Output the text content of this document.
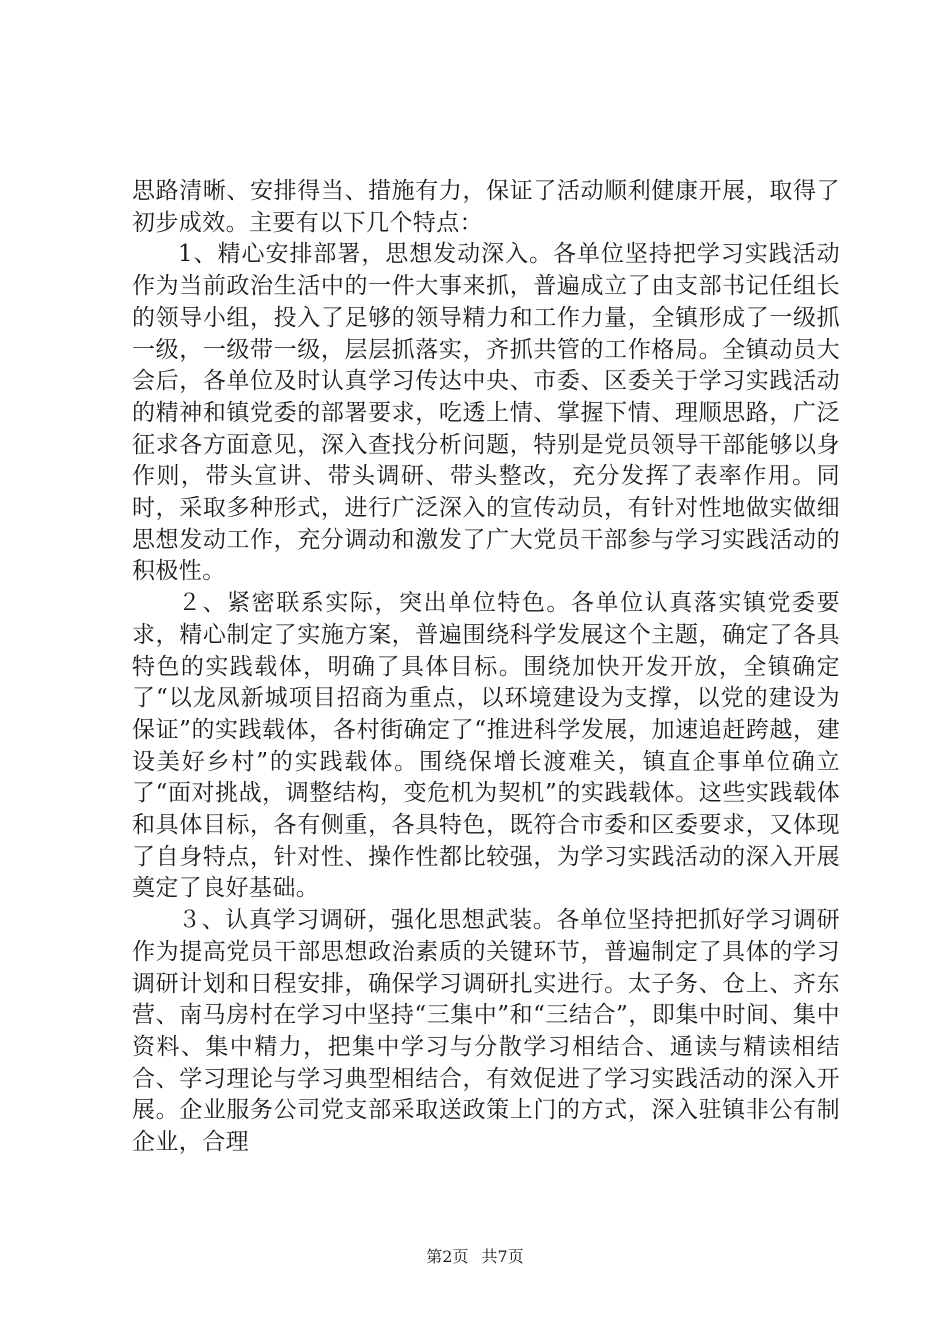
思路清晰、安排得当、措施有力，保证了活动顺利健康开展，取得了初步成效。主要有以下几个特点：

1、精心安排部署，思想发动深入。各单位坚持把学习实践活动作为当前政治生活中的一件大事来抓，普遍成立了由支部书记任组长的领导小组，投入了足够的领导精力和工作力量，全镇形成了一级抓一级，一级带一级，层层抓落实，齐抓共管的工作格局。全镇动员大会后，各单位及时认真学习传达中央、市委、区委关于学习实践活动的精神和镇党委的部署要求，吃透上情、掌握下情、理顺思路，广泛征求各方面意见，深入查找分析问题，特别是党员领导干部能够以身作则，带头宣讲、带头调研、带头整改，充分发挥了表率作用。同时，采取多种形式，进行广泛深入的宣传动员，有针对性地做实做细思想发动工作，充分调动和激发了广大党员干部参与学习实践活动的积极性。

２、紧密联系实际，突出单位特色。各单位认真落实镇党委要求，精心制定了实施方案，普遍围绕科学发展这个主题，确定了各具特色的实践载体，明确了具体目标。围绕加快开发开放，全镇确定了“以龙凤新城项目招商为重点，以环境建设为支撑，以党的建设为保证”的实践载体，各村街确定了“推进科学发展，加速追赶跨越，建设美好乡村”的实践载体。围绕保增长渡难关，镇直企事单位确立了“面对挑战，调整结构，变危机为契机”的实践载体。这些实践载体和具体目标，各有侧重，各具特色，既符合市委和区委要求，又体现了自身特点，针对性、操作性都比较强，为学习实践活动的深入开展奠定了良好基础。

３、认真学习调研，强化思想武装。各单位坚持把抓好学习调研作为提高党员干部思想政治素质的关键环节，普遍制定了具体的学习调研计划和日程安排，确保学习调研扎实进行。太子务、仓上、齐东营、南马房村在学习中坚持“三集中”和“三结合”，即集中时间、集中资料、集中精力，把集中学习与分散学习相结合、通读与精读相结合、学习理论与学习典型相结合，有效促进了学习实践活动的深入开展。企业服务公司党支部采取送政策上门的方式，深入驻镇非公有制企业，合理

第2页 共7页
